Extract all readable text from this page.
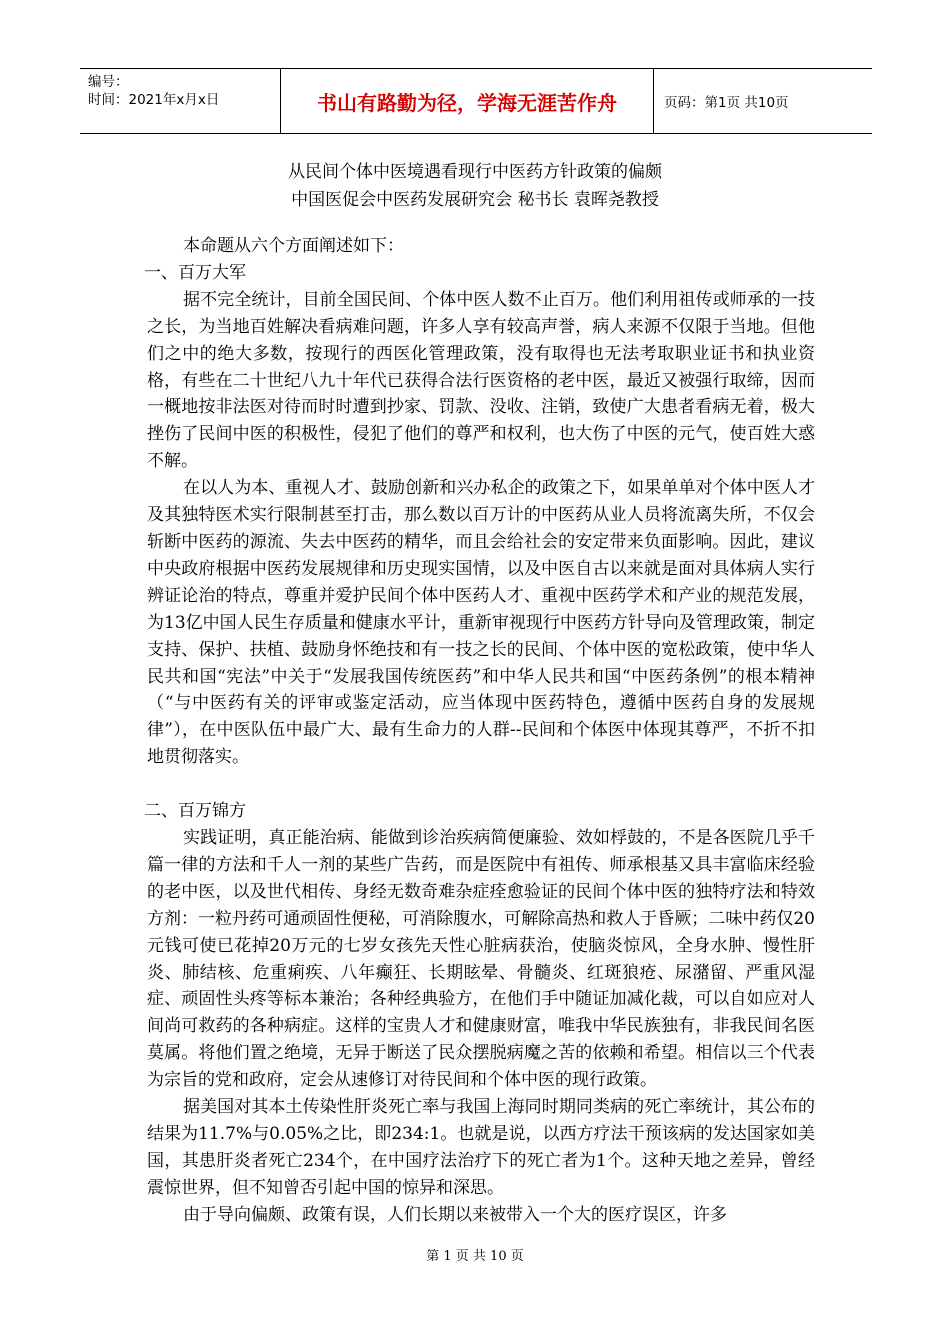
编号：
时间：2021年x月x日	书山有路勤为径，学海无涯苦作舟	页码：第1页 共10页
从民间个体中医境遇看现行中医药方针政策的偏颇
中国医促会中医药发展研究会 秘书长 袁晖尧教授

本命题从六个方面阐述如下：

一、百万大军

据不完全统计，目前全国民间、个体中医人数不止百万。他们利用祖传或师承的一技之长，为当地百姓解决看病难问题，许多人享有较高声誉，病人来源不仅限于当地。但他们之中的绝大多数，按现行的西医化管理政策，没有取得也无法考取职业证书和执业资格，有些在二十世纪八九十年代已获得合法行医资格的老中医，最近又被强行取缔，因而一概地按非法医对待而时时遭到抄家、罚款、没收、注销，致使广大患者看病无着，极大挫伤了民间中医的积极性，侵犯了他们的尊严和权利，也大伤了中医的元气，使百姓大惑不解。

在以人为本、重视人才、鼓励创新和兴办私企的政策之下，如果单单对个体中医人才及其独特医术实行限制甚至打击，那么数以百万计的中医药从业人员将流离失所，不仅会斩断中医药的源流、失去中医药的精华，而且会给社会的安定带来负面影响。因此，建议中央政府根据中医药发展规律和历史现实国情，以及中医自古以来就是面对具体病人实行辨证论治的特点，尊重并爱护民间个体中医药人才、重视中医药学术和产业的规范发展，为13亿中国人民生存质量和健康水平计，重新审视现行中医药方针导向及管理政策，制定支持、保护、扶植、鼓励身怀绝技和有一技之长的民间、个体中医的宽松政策，使中华人民共和国“宪法”中关于“发展我国传统医药”和中华人民共和国“中医药条例”的根本精神（“与中医药有关的评审或鉴定活动，应当体现中医药特色，遵循中医药自身的发展规律”），在中医队伍中最广大、最有生命力的人群--民间和个体医中体现其尊严，不折不扣地贯彻落实。

二、百万锦方

实践证明，真正能治病、能做到诊治疾病简便廉验、效如桴鼓的，不是各医院几乎千篇一律的方法和千人一剂的某些广告药，而是医院中有祖传、师承根基又具丰富临床经验的老中医，以及世代相传、身经无数奇难杂症痊愈验证的民间个体中医的独特疗法和特效方剂：一粒丹药可通顽固性便秘，可消除腹水，可解除高热和救人于昏厥；二味中药仅20元钱可使已花掉20万元的七岁女孩先天性心脏病获治，使脑炎惊风，全身水肿、慢性肝炎、肺结核、危重痢疾、八年癫狂、长期眩晕、骨髓炎、红斑狼疮、尿潴留、严重风湿症、顽固性头疼等标本兼治；各种经典验方，在他们手中随证加减化裁，可以自如应对人间尚可救药的各种病症。这样的宝贵人才和健康财富，唯我中华民族独有，非我民间名医莫属。将他们置之绝境，无异于断送了民众摆脱病魔之苦的依赖和希望。相信以三个代表为宗旨的党和政府，定会从速修订对待民间和个体中医的现行政策。

据美国对其本土传染性肝炎死亡率与我国上海同时期同类病的死亡率统计，其公布的结果为11.7%与0.05%之比，即234:1。也就是说，以西方疗法干预该病的发达国家如美国，其患肝炎者死亡234个，在中国疗法治疗下的死亡者为1个。这种天地之差异，曾经震惊世界，但不知曾否引起中国的惊异和深思。

由于导向偏颇、政策有误，人们长期以来被带入一个大的医疗误区，许多

第 1 页 共 10 页
